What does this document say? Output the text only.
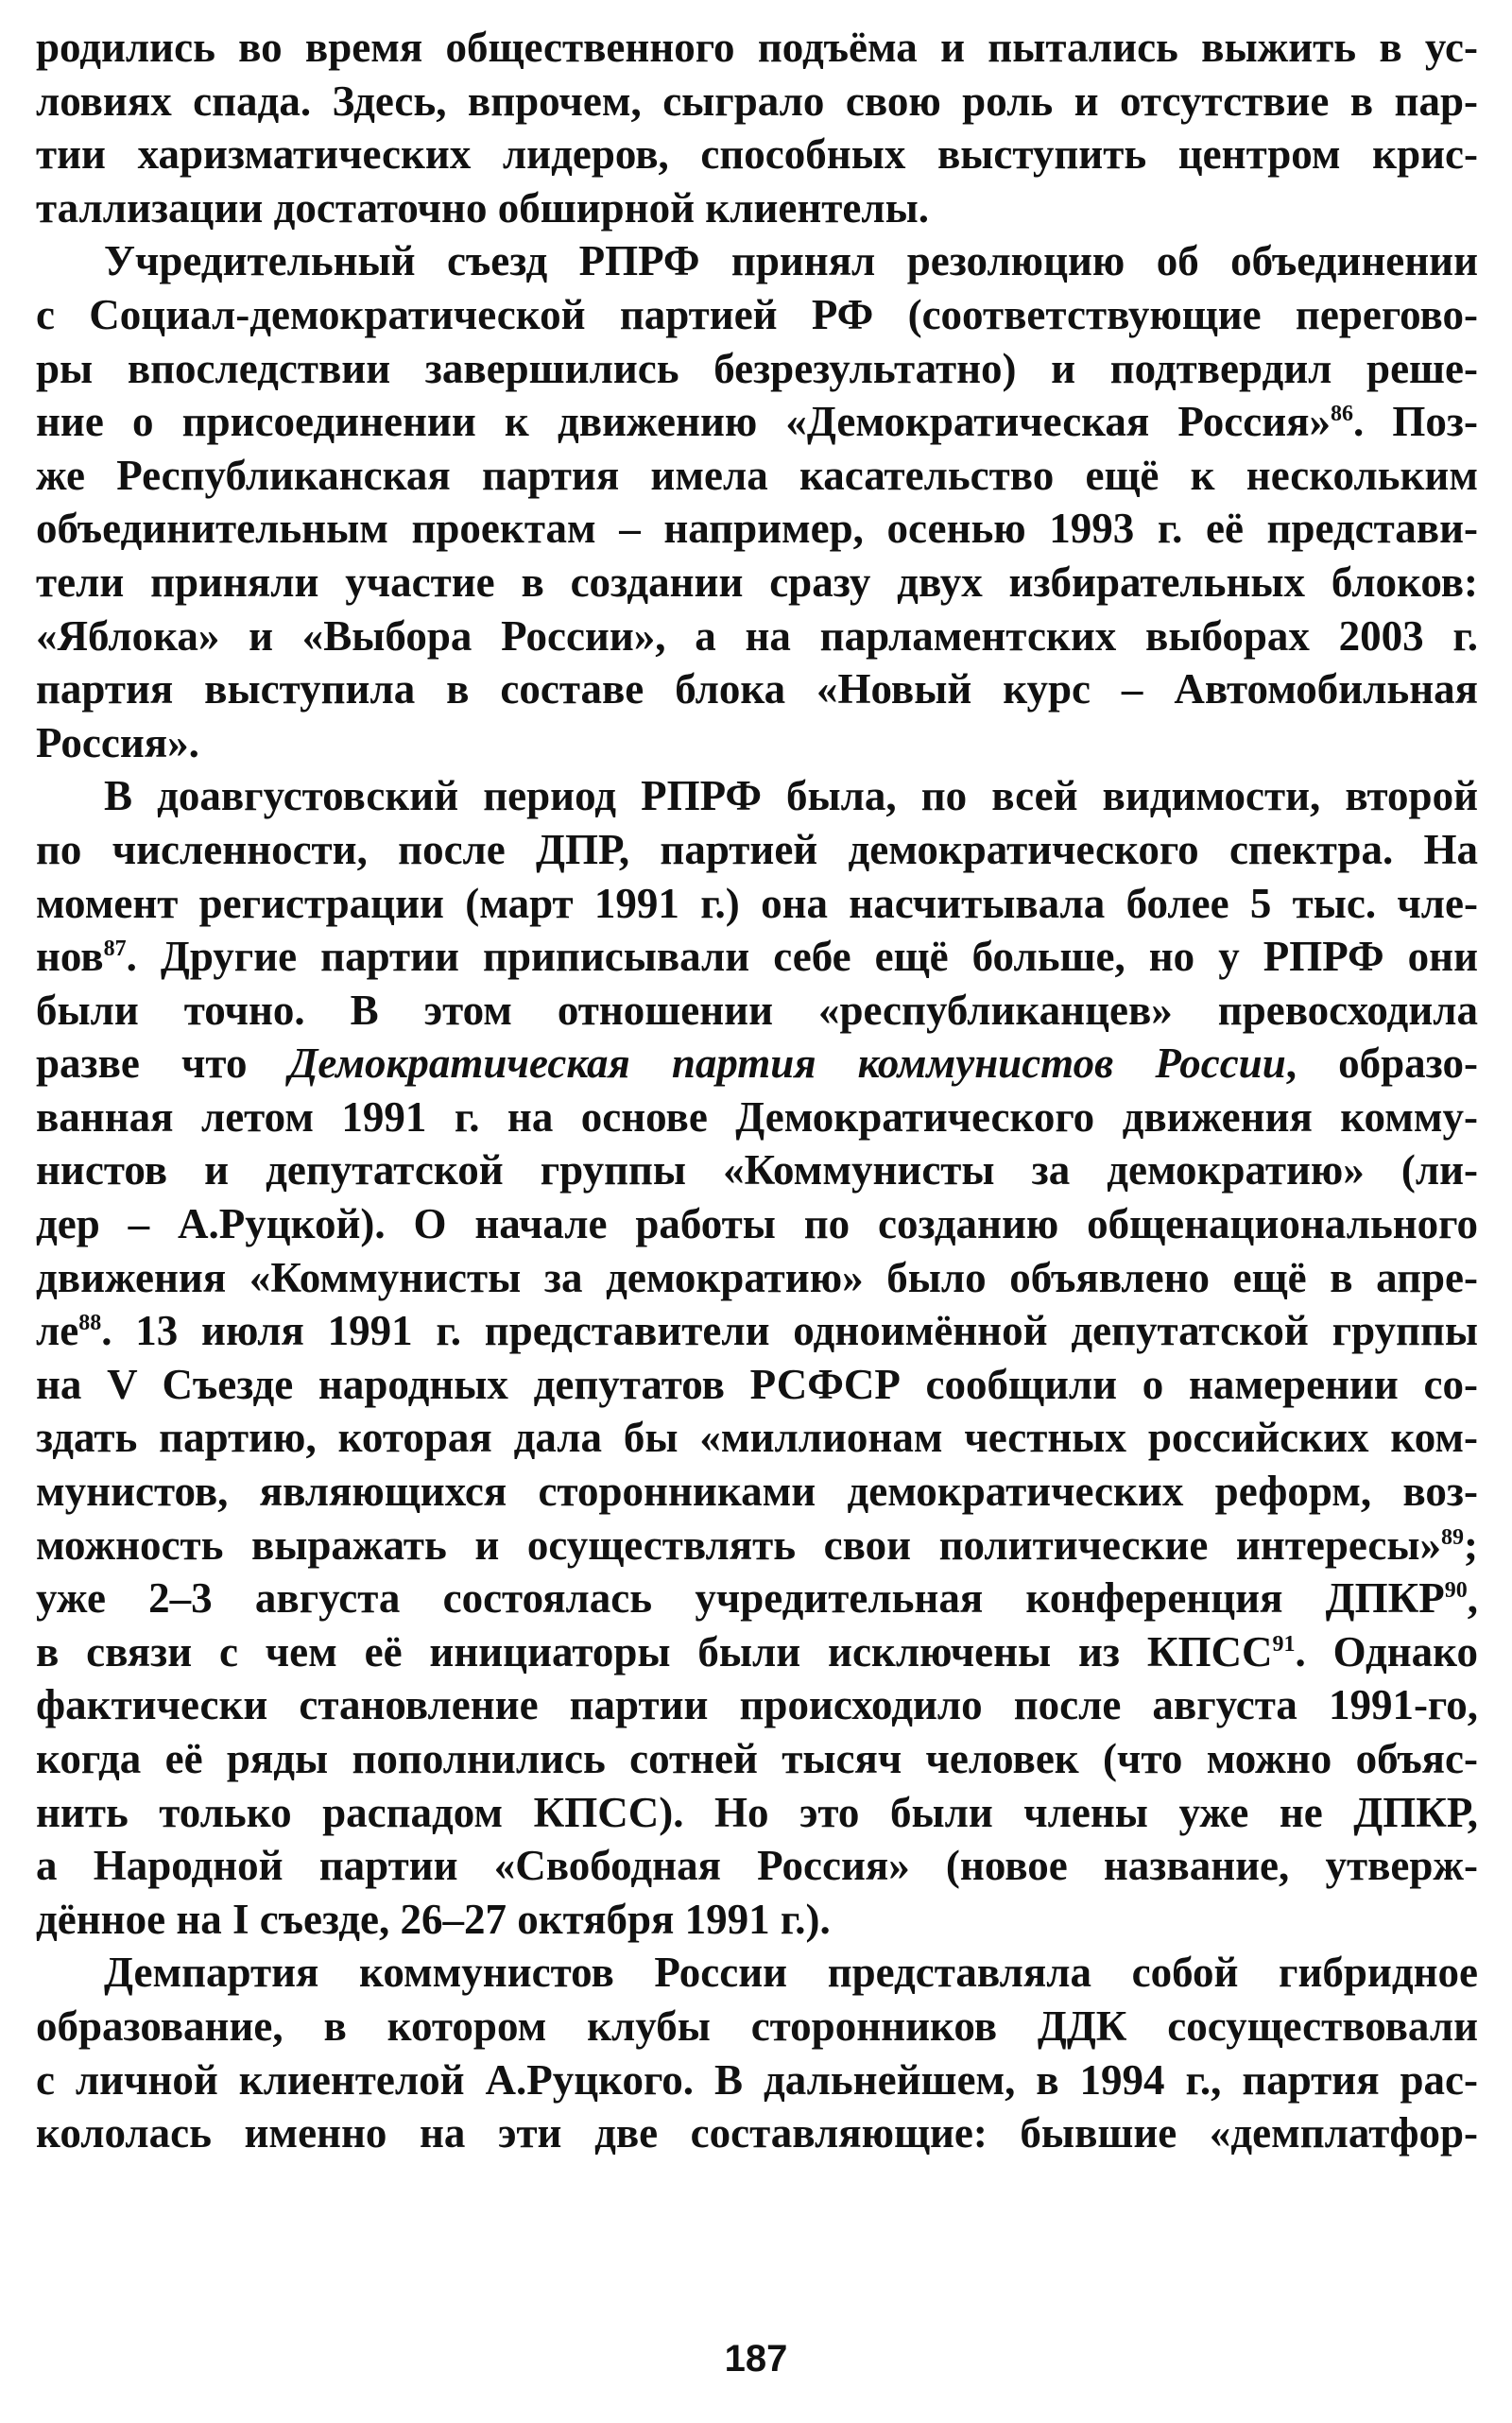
родились во время общественного подъёма и пытались выжить в ус-
ловиях спада. Здесь, впрочем, сыграло свою роль и отсутствие в пар-
тии харизматических лидеров, способных выступить центром крис-
таллизации достаточно обширной клиентелы.
Учредительный съезд РПРФ принял резолюцию об объединении
с Социал-демократической партией РФ (соответствующие перегово-
ры впоследствии завершились безрезультатно) и подтвердил реше-
ние о присоединении к движению «Демократическая Россия»$^{86}$. Поз-
же Республиканская партия имела касательство ещё к нескольким
объединительным проектам – например, осенью 1993 г. её представи-
тели приняли участие в создании сразу двух избирательных блоков:
«Яблока» и «Выбора России», а на парламентских выборах 2003 г.
партия выступила в составе блока «Новый курс – Автомобильная
Россия».
В доавгустовский период РПРФ была, по всей видимости, второй
по численности, после ДПР, партией демократического спектра. На
момент регистрации (март 1991 г.) она насчитывала более 5 тыс. чле-
нов$^{87}$. Другие партии приписывали себе ещё больше, но у РПРФ они
были точно. В этом отношении «республиканцев» превосходила
разве что Демократическая партия коммунистов России, образо-
ванная летом 1991 г. на основе Демократического движения комму-
нистов и депутатской группы «Коммунисты за демократию» (ли-
дер – А.Руцкой). О начале работы по созданию общенационального
движения «Коммунисты за демократию» было объявлено ещё в апре-
$ле^{88}$. 13 июля 1991 г. представители одноимённой депутатской группы
на V Съезде народных депутатов РСФСР сообщили о намерении со-
здать партию, которая дала бы «миллионам честных российских ком-
мунистов, являющихся сторонниками демократических реформ, воз-
можность выражать и осуществлять свои политические интересы»$^{89}$;
уже 2–3 августа состоялась учредительная конференция ДПКР$^{90}$,
в связи с чем её инициаторы были исключены из КПСС$^{91}$. Однако
фактически становление партии происходило после августа 1991-го,
когда её ряды пополнились сотней тысяч человек (что можно объяс-
нить только распадом КПСС). Но это были члены уже не ДПКР,
а Народной партии «Свободная Россия» (новое название, утверж-
дённое на I съезде, 26–27 октября 1991 г.).
Демпартия коммунистов России представляла собой гибридное
образование, в котором клубы сторонников ДДК сосуществовали
с личной клиентелой А.Руцкого. В дальнейшем, в 1994 г., партия рас-
кололась именно на эти две составляющие: бывшие «демплатфор-
187
